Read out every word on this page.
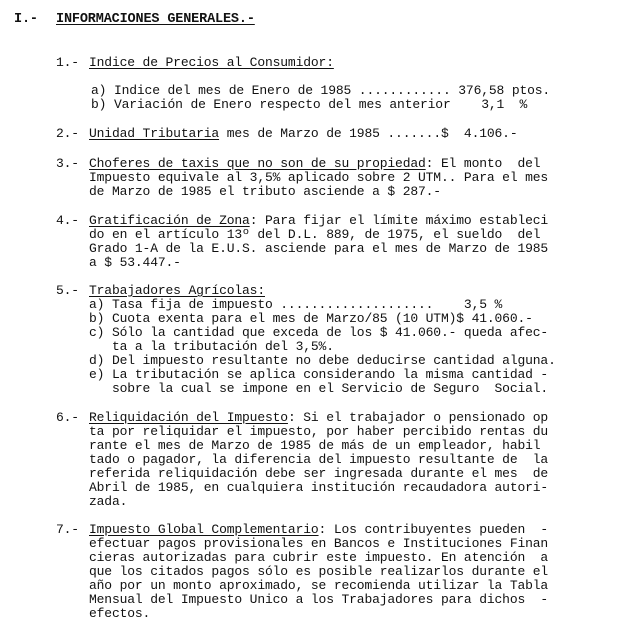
I.- INFORMACIONES GENERALES.-
1.- Indice de Precios al Consumidor:
a) Indice del mes de Enero de 1985 ............ 376,58 ptos.
b) Variación de Enero respecto del mes anterior    3,1  %
2.- Unidad Tributaria mes de Marzo de 1985 .......$  4.106.-
3.- Choferes de taxis que no son de su propiedad: El monto  del
Impuesto equivale al 3,5% aplicado sobre 2 UTM.. Para el mes
de Marzo de 1985 el tributo asciende a $ 287.-
4.- Gratificación de Zona: Para fijar el límite máximo estableci
do en el artículo 13º del D.L. 889, de 1975, el sueldo  del
Grado 1-A de la E.U.S. asciende para el mes de Marzo de 1985
a $ 53.447.-
5.- Trabajadores Agrícolas:
a) Tasa fija de impuesto ....................    3,5 %
b) Cuota exenta para el mes de Marzo/85 (10 UTM)$ 41.060.-
c) Sólo la cantidad que exceda de los $ 41.060.- queda afec-
ta a la tributación del 3,5%.
d) Del impuesto resultante no debe deducirse cantidad alguna.
e) La tributación se aplica considerando la misma cantidad -
sobre la cual se impone en el Servicio de Seguro  Social.
6.- Reliquidación del Impuesto: Si el trabajador o pensionado op
ta por reliquidar el impuesto, por haber percibido rentas du
rante el mes de Marzo de 1985 de más de un empleador, habil
tado o pagador, la diferencia del impuesto resultante de  la
referida reliquidación debe ser ingresada durante el mes  de
Abril de 1985, en cualquiera institución recaudadora autori-
zada.
7.- Impuesto Global Complementario: Los contribuyentes pueden  -
efectuar pagos provisionales en Bancos e Instituciones Finan
cieras autorizadas para cubrir este impuesto. En atención  a
que los citados pagos sólo es posible realizarlos durante el
año por un monto aproximado, se recomienda utilizar la Tabla
Mensual del Impuesto Unico a los Trabajadores para dichos  -
efectos.
